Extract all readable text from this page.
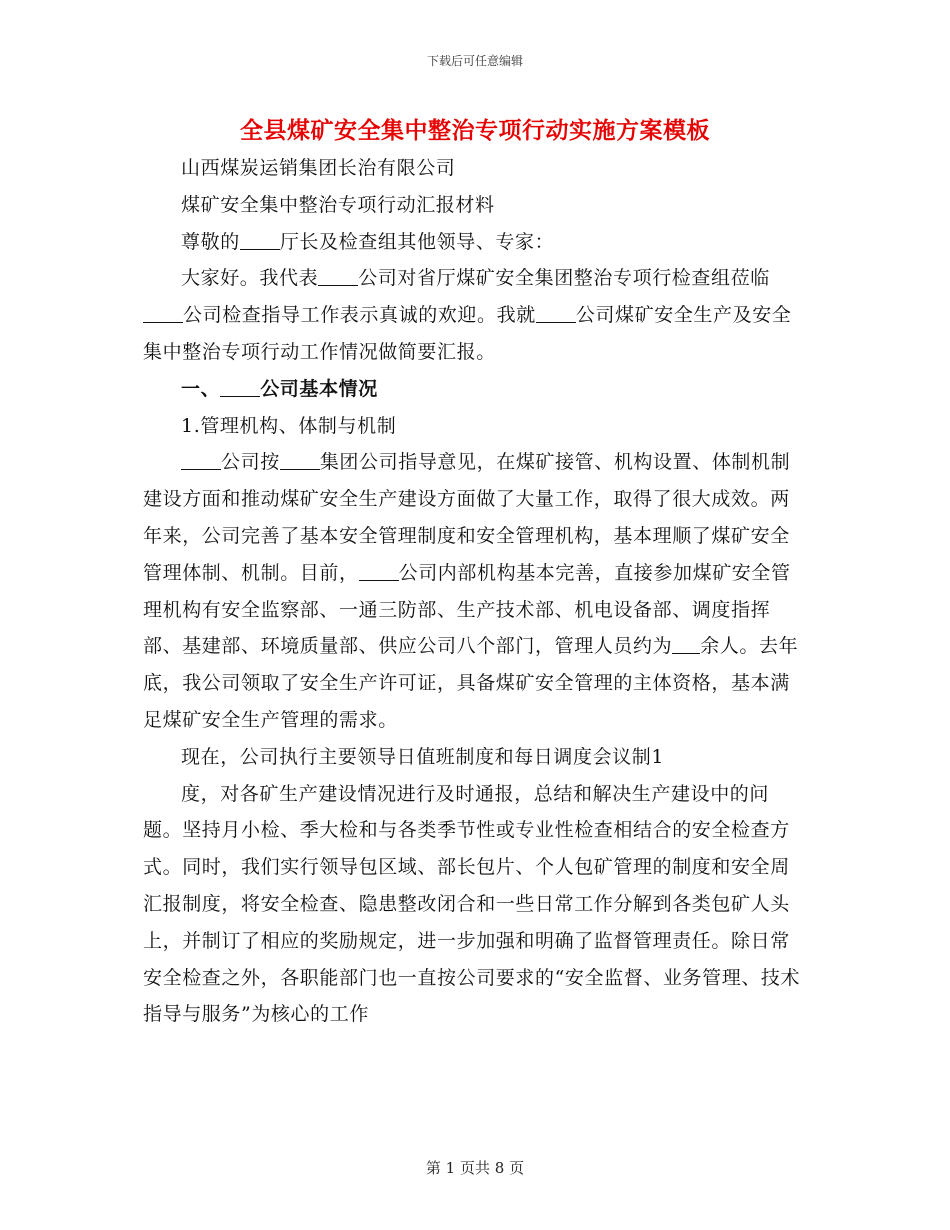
下载后可任意编辑
全县煤矿安全集中整治专项行动实施方案模板

山西煤炭运销集团长治有限公司

煤矿安全集中整治专项行动汇报材料

尊敬的 厅长及检查组其他领导、专家：

大家好。我代表 公司对省厅煤矿安全集团整治专项行检查组莅临公司检查指导工作表示真诚的欢迎。我就 公司煤矿安全生产及安全集中整治专项行动工作情况做简要汇报。

一、 公司基本情况

1.管理机构、体制与机制

公司按 集团公司指导意见，在煤矿接管、机构设置、体制机制建设方面和推动煤矿安全生产建设方面做了大量工作，取得了很大成效。两年来，公司完善了基本安全管理制度和安全管理机构，基本理顺了煤矿安全管理体制、机制。目前， 公司内部机构基本完善，直接参加煤矿安全管理机构有安全监察部、一通三防部、生产技术部、机电设备部、调度指挥部、基建部、环境质量部、供应公司八个部门，管理人员约为 余人。去年底，我公司领取了安全生产许可证，具备煤矿安全管理的主体资格，基本满足煤矿安全生产管理的需求。

现在，公司执行主要领导日值班制度和每日调度会议制1

度，对各矿生产建设情况进行及时通报，总结和解决生产建设中的问题。坚持月小检、季大检和与各类季节性或专业性检查相结合的安全检查方式。同时，我们实行领导包区域、部长包片、个人包矿管理的制度和安全周汇报制度，将安全检查、隐患整改闭合和一些日常工作分解到各类包矿人头上，并制订了相应的奖励规定，进一步加强和明确了监督管理责任。除日常安全检查之外，各职能部门也一直按公司要求的“安全监督、业务管理、技术指导与服务”为核心的工作

第 1 页共 8 页
